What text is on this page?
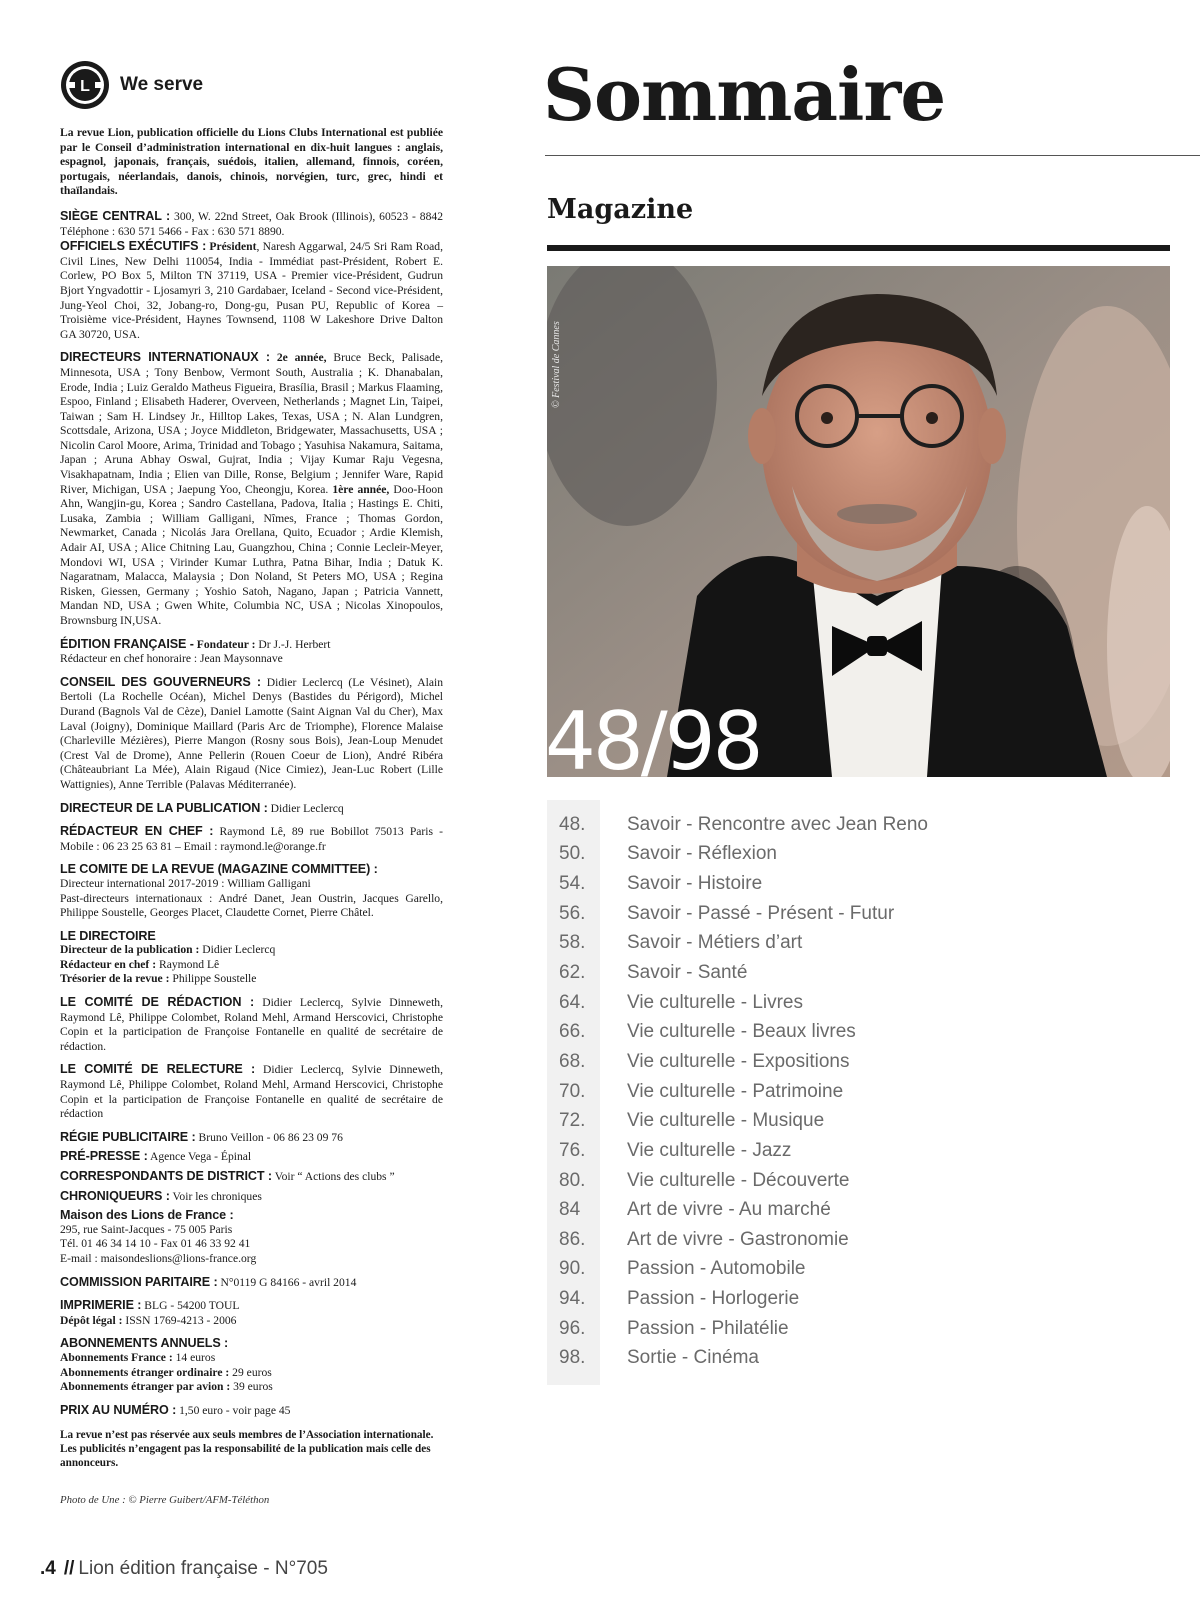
L We serve

La revue Lion, publication officielle du Lions Clubs International est publiée par le Conseil d’administration international en dix-huit langues : anglais, espagnol, japonais, français, suédois, italien, allemand, finnois, coréen, portugais, néerlandais, danois, chinois, norvégien, turc, grec, hindi et thaïlandais.

SIÈGE CENTRAL : 300, W. 22nd Street, Oak Brook (Illinois), 60523 - 8842 Téléphone : 630 571 5466 - Fax : 630 571 8890.

OFFICIELS EXÉCUTIFS : Président, Naresh Aggarwal, 24/5 Sri Ram Road, Civil Lines, New Delhi 110054, India - Immédiat past-Président, Robert E. Corlew, PO Box 5, Milton TN 37119, USA - Premier vice-Président, Gudrun Bjort Yngvadottir - Ljosamyri 3, 210 Gardabaer, Iceland - Second vice-Président, Jung-Yeol Choi, 32, Jobang-ro, Dong-gu, Pusan PU, Republic of Korea – Troisième vice-Président, Haynes Townsend, 1108 W Lakeshore Drive Dalton GA 30720, USA.

DIRECTEURS INTERNATIONAUX : 2e année, Bruce Beck, Palisade, Minnesota, USA ; Tony Benbow, Vermont South, Australia ; K. Dhanabalan, Erode, India ; Luiz Geraldo Matheus Figueira, Brasília, Brasil ; Markus Flaaming, Espoo, Finland ; Elisabeth Haderer, Overveen, Netherlands ; Magnet Lin, Taipei, Taiwan ; Sam H. Lindsey Jr., Hilltop Lakes, Texas, USA ; N. Alan Lundgren, Scottsdale, Arizona, USA ; Joyce Middleton, Bridgewater, Massachusetts, USA ; Nicolin Carol Moore, Arima, Trinidad and Tobago ; Yasuhisa Nakamura, Saitama, Japan ; Aruna Abhay Oswal, Gujrat, India ; Vijay Kumar Raju Vegesna, Visakhapatnam, India ; Elien van Dille, Ronse, Belgium ; Jennifer Ware, Rapid River, Michigan, USA ; Jaepung Yoo, Cheongju, Korea. 1ère année, Doo-Hoon Ahn, Wangjin-gu, Korea ; Sandro Castellana, Padova, Italia ; Hastings E. Chiti, Lusaka, Zambia ; William Galligani, Nîmes, France ; Thomas Gordon, Newmarket, Canada ; Nicolás Jara Orellana, Quito, Ecuador ; Ardie Klemish, Adair AI, USA ; Alice Chitning Lau, Guangzhou, China ; Connie Lecleir-Meyer, Mondovi WI, USA ; Virinder Kumar Luthra, Patna Bihar, India ; Datuk K. Nagaratnam, Malacca, Malaysia ; Don Noland, St Peters MO, USA ; Regina Risken, Giessen, Germany ; Yoshio Satoh, Nagano, Japan ; Patricia Vannett, Mandan ND, USA ; Gwen White, Columbia NC, USA ; Nicolas Xinopoulos, Brownsburg IN,USA.

ÉDITION FRANÇAISE - Fondateur : Dr J.-J. Herbert
Rédacteur en chef honoraire : Jean Maysonnave

CONSEIL DES GOUVERNEURS : Didier Leclercq (Le Vésinet), Alain Bertoli (La Rochelle Océan), Michel Denys (Bastides du Périgord), Michel Durand (Bagnols Val de Cèze), Daniel Lamotte (Saint Aignan Val du Cher), Max Laval (Joigny), Dominique Maillard (Paris Arc de Triomphe), Florence Malaise (Charleville Mézières), Pierre Mangon (Rosny sous Bois), Jean-Loup Menudet (Crest Val de Drome), Anne Pellerin (Rouen Coeur de Lion), André Ribéra (Châteaubriant La Mée), Alain Rigaud (Nice Cimiez), Jean-Luc Robert (Lille Wattignies), Anne Terrible (Palavas Méditerranée).

DIRECTEUR DE LA PUBLICATION : Didier Leclercq

RÉDACTEUR EN CHEF : Raymond Lê, 89 rue Bobillot 75013 Paris - Mobile : 06 23 25 63 81 – Email : raymond.le@orange.fr

LE COMITE DE LA REVUE (MAGAZINE COMMITTEE) :
Directeur international 2017-2019 : William Galligani
Past-directeurs internationaux : André Danet, Jean Oustrin, Jacques Garello, Philippe Soustelle, Georges Placet, Claudette Cornet, Pierre Châtel.

LE DIRECTOIRE
Directeur de la publication : Didier Leclercq
Rédacteur en chef : Raymond Lê
Trésorier de la revue : Philippe Soustelle

LE COMITÉ DE RÉDACTION : Didier Leclercq, Sylvie Dinneweth, Raymond Lê, Philippe Colombet, Roland Mehl, Armand Herscovici, Christophe Copin et la participation de Françoise Fontanelle en qualité de secrétaire de rédaction.

LE COMITÉ DE RELECTURE : Didier Leclercq, Sylvie Dinneweth, Raymond Lê, Philippe Colombet, Roland Mehl, Armand Herscovici, Christophe Copin et la participation de Françoise Fontanelle en qualité de secrétaire de rédaction

RÉGIE PUBLICITAIRE : Bruno Veillon - 06 86 23 09 76

PRÉ-PRESSE : Agence Vega - Épinal

CORRESPONDANTS DE DISTRICT : Voir “ Actions des clubs ”

CHRONIQUEURS : Voir les chroniques

Maison des Lions de France :
295, rue Saint-Jacques - 75 005 Paris
Tél. 01 46 34 14 10 - Fax 01 46 33 92 41
E-mail : maisondeslions@lions-france.org

COMMISSION PARITAIRE : N°0119 G 84166 - avril 2014

IMPRIMERIE : BLG - 54200 TOUL
Dépôt légal : ISSN 1769-4213 - 2006

ABONNEMENTS ANNUELS :
Abonnements France : 14 euros
Abonnements étranger ordinaire : 29 euros
Abonnements étranger par avion : 39 euros

PRIX AU NUMÉRO : 1,50 euro - voir page 45

La revue n’est pas réservée aux seuls membres de l’Association internationale. Les publicités n’engagent pas la responsabilité de la publication mais celle des annonceurs.

Photo de Une : © Pierre Guibert/AFM-Téléthon

.4 // Lion édition française - N°705
Sommaire
Magazine
© Festival de Cannes
48/98
48.	Savoir - Rencontre avec Jean Reno
50.	Savoir - Réflexion
54.	Savoir - Histoire
56.	Savoir - Passé - Présent - Futur
58.	Savoir - Métiers d’art
62.	Savoir - Santé
64.	Vie culturelle - Livres
66.	Vie culturelle - Beaux livres
68.	Vie culturelle - Expositions
70.	Vie culturelle - Patrimoine
72.	Vie culturelle - Musique
76.	Vie culturelle - Jazz
80.	Vie culturelle - Découverte
84	Art de vivre - Au marché
86.	Art de vivre - Gastronomie
90.	Passion - Automobile
94.	Passion - Horlogerie
96.	Passion - Philatélie
98.	Sortie - Cinéma
